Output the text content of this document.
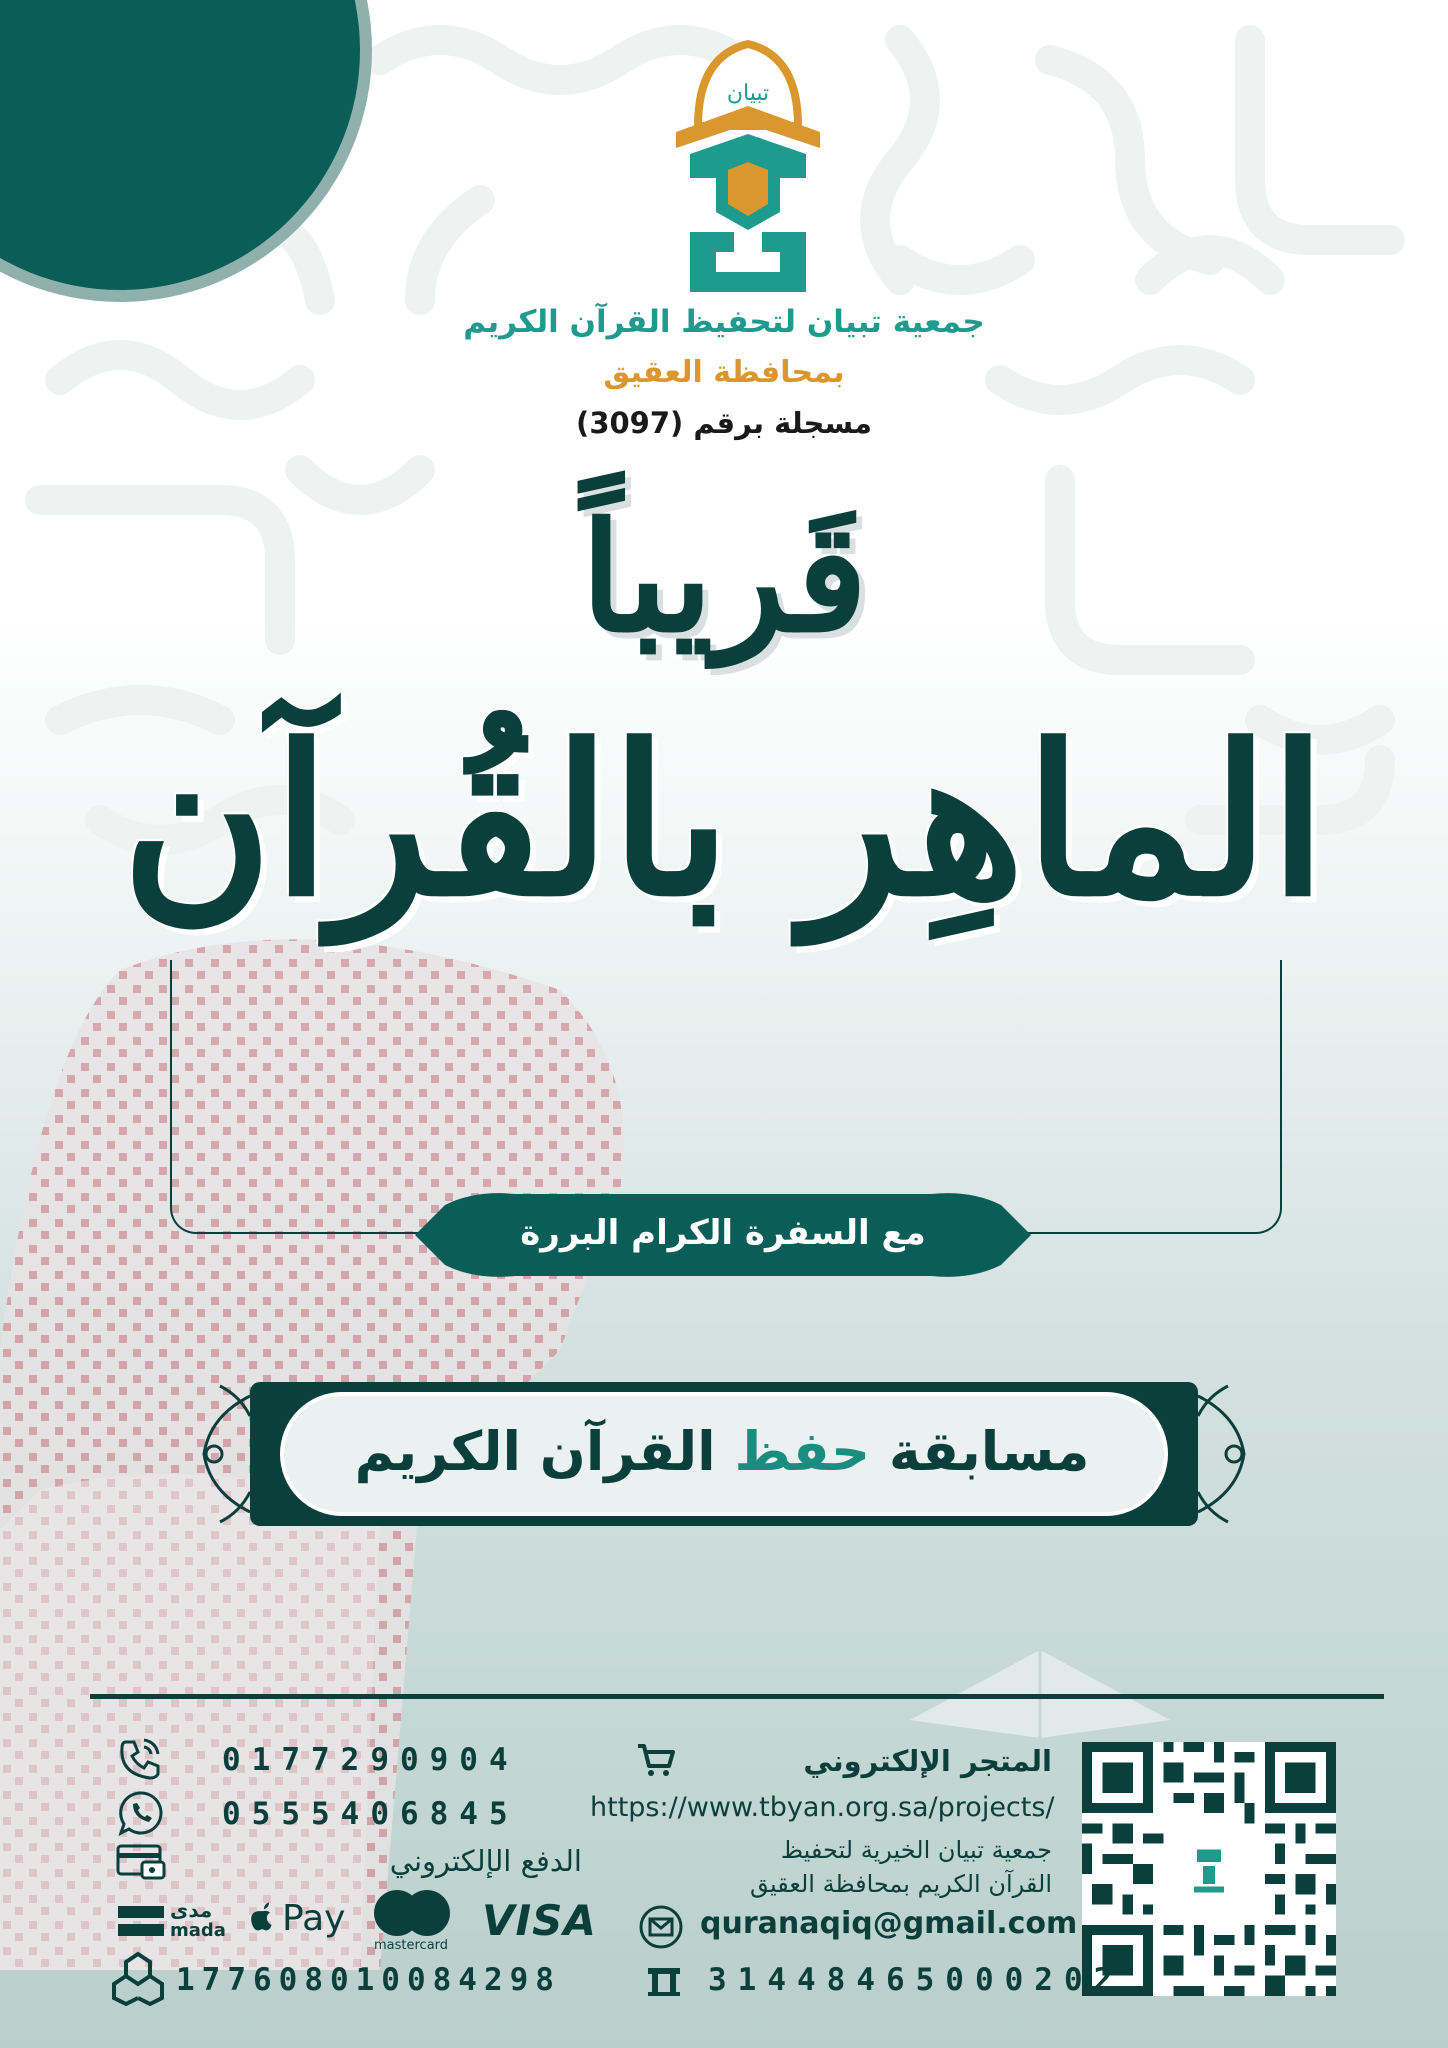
تبيان
جمعية تبيان لتحفيظ القرآن الكريم
بمحافظة العقيق
مسجلة برقم (3097)
قَريباً
الماهِر بالقُرآن
مع السفرة الكرام البررة
مسابقة حفظ القرآن الكريم
المتجر الإلكتروني
https://www.tbyan.org.sa/projects/
جمعية تبيان الخيرية لتحفيظ
القرآن الكريم بمحافظة العقيق
quranaqiq@gmail.com
31448465000202
0177290904
0555406845
الدفع الإلكتروني
مدى
mada Pay
mastercard
VISA
177608010084298
